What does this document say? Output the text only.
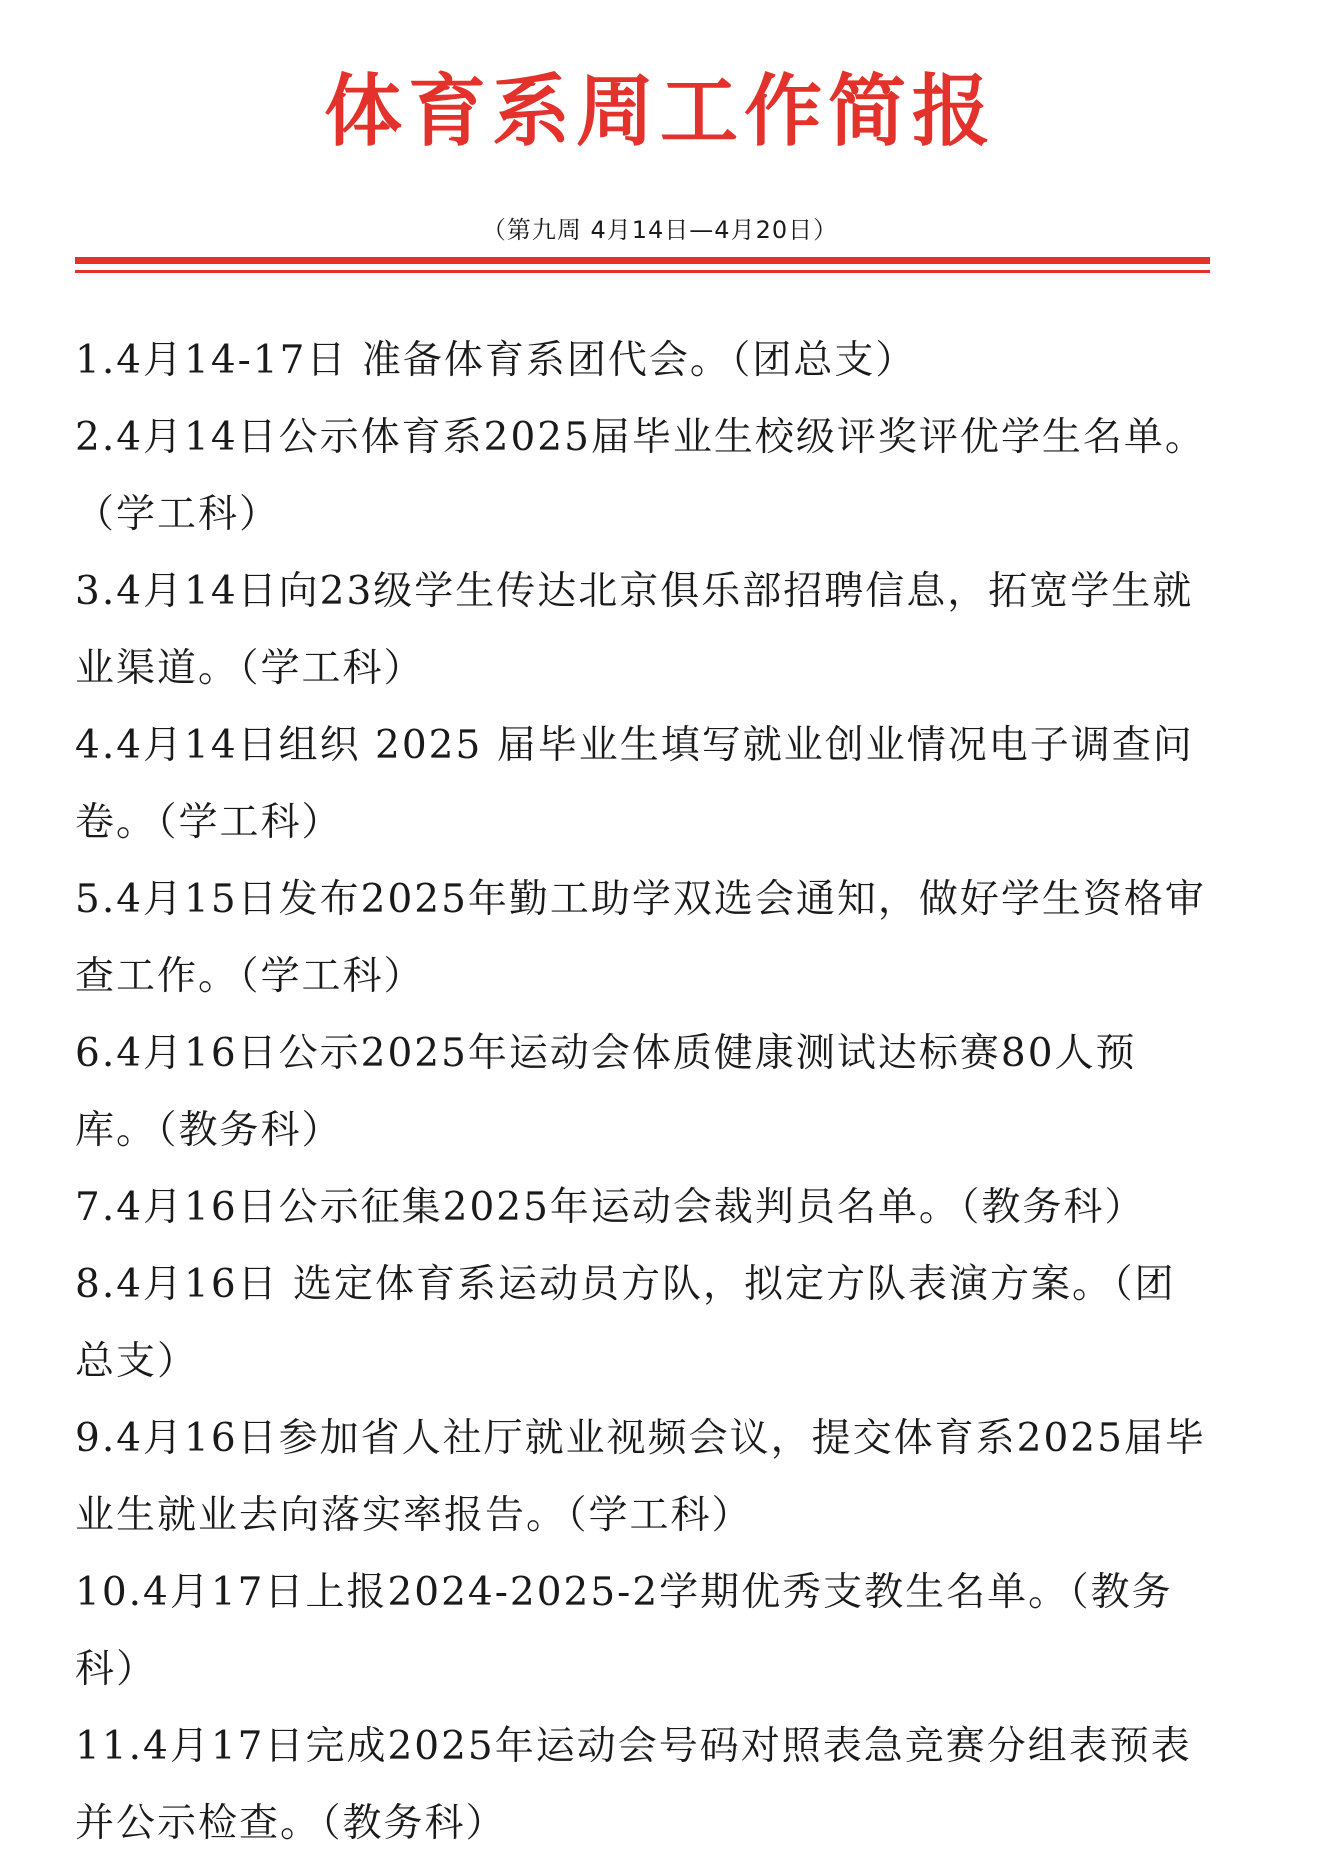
体育系周工作简报
（第九周 4月14日—4月20日）
1.4月14-17日 准备体育系团代会。（团总支）
2.4月14日公示体育系2025届毕业生校级评奖评优学生名单。（学工科）
3.4月14日向23级学生传达北京俱乐部招聘信息，拓宽学生就业渠道。（学工科）
4.4月14日组织 2025 届毕业生填写就业创业情况电子调查问卷。（学工科）
5.4月15日发布2025年勤工助学双选会通知，做好学生资格审查工作。（学工科）
6.4月16日公示2025年运动会体质健康测试达标赛80人预库。（教务科）
7.4月16日公示征集2025年运动会裁判员名单。（教务科）
8.4月16日 选定体育系运动员方队，拟定方队表演方案。（团总支）
9.4月16日参加省人社厅就业视频会议，提交体育系2025届毕业生就业去向落实率报告。（学工科）
10.4月17日上报2024-2025-2学期优秀支教生名单。（教务科）
11.4月17日完成2025年运动会号码对照表急竞赛分组表预表并公示检查。（教务科）
